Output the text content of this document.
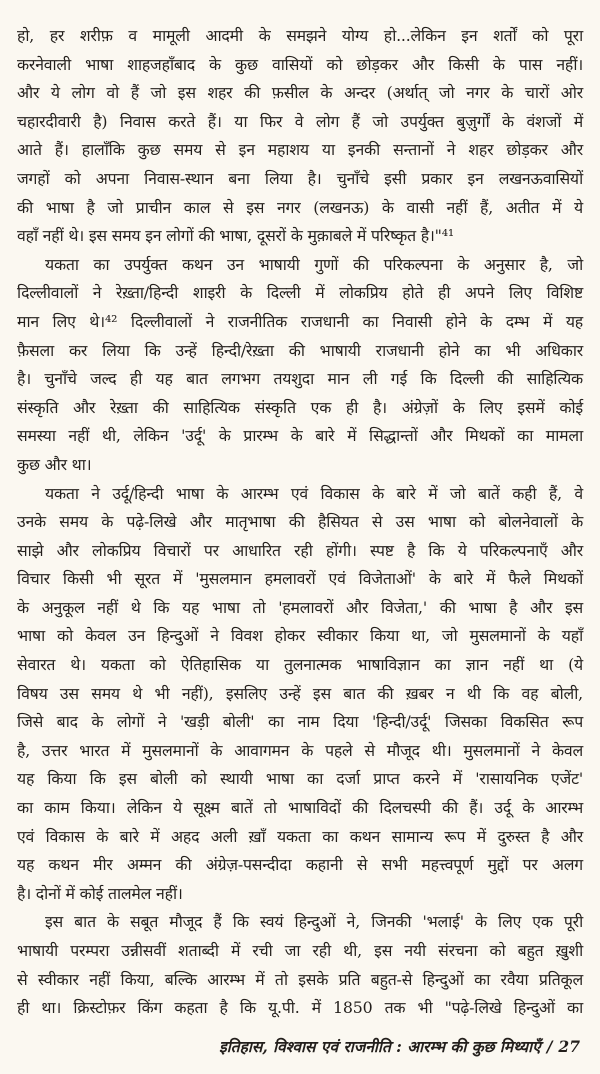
हो, हर शरीफ़ व मामूली आदमी के समझने योग्य हो...लेकिन इन शर्तों को पूरा
करनेवाली भाषा शाहजहाँबाद के कुछ वासियों को छोड़कर और किसी के पास नहीं।
और ये लोग वो हैं जो इस शहर की फ़सील के अन्दर (अर्थात् जो नगर के चारों ओर
चहारदीवारी है) निवास करते हैं। या फिर वे लोग हैं जो उपर्युक्त बुज़ुर्गों के वंशजों में
आते हैं। हालाँकि कुछ समय से इन महाशय या इनकी सन्तानों ने शहर छोड़कर और
जगहों को अपना निवास-स्थान बना लिया है। चुनाँचे इसी प्रकार इन लखनऊवासियों
की भाषा है जो प्राचीन काल से इस नगर (लखनऊ) के वासी नहीं हैं, अतीत में ये
वहाँ नहीं थे। इस समय इन लोगों की भाषा, दूसरों के मुक़ाबले में परिष्कृत है।"⁴¹
यकता का उपर्युक्त कथन उन भाषायी गुणों की परिकल्पना के अनुसार है, जो
दिल्लीवालों ने रेख़्ता/हिन्दी शाइरी के दिल्ली में लोकप्रिय होते ही अपने लिए विशिष्ट
मान लिए थे।⁴² दिल्लीवालों ने राजनीतिक राजधानी का निवासी होने के दम्भ में यह
फ़ैसला कर लिया कि उन्हें हिन्दी/रेख़्ता की भाषायी राजधानी होने का भी अधिकार
है। चुनाँचे जल्द ही यह बात लगभग तयशुदा मान ली गई कि दिल्ली की साहित्यिक
संस्कृति और रेख़्ता की साहित्यिक संस्कृति एक ही है। अंग्रेज़ों के लिए इसमें कोई
समस्या नहीं थी, लेकिन 'उर्दू' के प्रारम्भ के बारे में सिद्धान्तों और मिथकों का मामला
कुछ और था।
यकता ने उर्दू/हिन्दी भाषा के आरम्भ एवं विकास के बारे में जो बातें कही हैं, वे
उनके समय के पढ़े-लिखे और मातृभाषा की हैसियत से उस भाषा को बोलनेवालों के
साझे और लोकप्रिय विचारों पर आधारित रही होंगी। स्पष्ट है कि ये परिकल्पनाएँ और
विचार किसी भी सूरत में 'मुसलमान हमलावरों एवं विजेताओं' के बारे में फैले मिथकों
के अनुकूल नहीं थे कि यह भाषा तो 'हमलावरों और विजेता,' की भाषा है और इस
भाषा को केवल उन हिन्दुओं ने विवश होकर स्वीकार किया था, जो मुसलमानों के यहाँ
सेवारत थे। यकता को ऐतिहासिक या तुलनात्मक भाषाविज्ञान का ज्ञान नहीं था (ये
विषय उस समय थे भी नहीं), इसलिए उन्हें इस बात की ख़बर न थी कि वह बोली,
जिसे बाद के लोगों ने 'खड़ी बोली' का नाम दिया 'हिन्दी/उर्दू' जिसका विकसित रूप
है, उत्तर भारत में मुसलमानों के आवागमन के पहले से मौजूद थी। मुसलमानों ने केवल
यह किया कि इस बोली को स्थायी भाषा का दर्जा प्राप्त करने में 'रासायनिक एजेंट'
का काम किया। लेकिन ये सूक्ष्म बातें तो भाषाविदों की दिलचस्पी की हैं। उर्दू के आरम्भ
एवं विकास के बारे में अहद अली ख़ाँ यकता का कथन सामान्य रूप में दुरुस्त है और
यह कथन मीर अम्मन की अंग्रेज़-पसन्दीदा कहानी से सभी महत्त्वपूर्ण मुद्दों पर अलग
है। दोनों में कोई तालमेल नहीं।
इस बात के सबूत मौजूद हैं कि स्वयं हिन्दुओं ने, जिनकी 'भलाई' के लिए एक पूरी
भाषायी परम्परा उन्नीसवीं शताब्दी में रची जा रही थी, इस नयी संरचना को बहुत ख़ुशी
से स्वीकार नहीं किया, बल्कि आरम्भ में तो इसके प्रति बहुत-से हिन्दुओं का रवैया प्रतिकूल
ही था। क्रिस्टोफ़र किंग कहता है कि यू.पी. में 1850 तक भी "पढ़े-लिखे हिन्दुओं का
इतिहास, विश्वास एवं राजनीति : आरम्भ की कुछ मिथ्याएँ / 27
